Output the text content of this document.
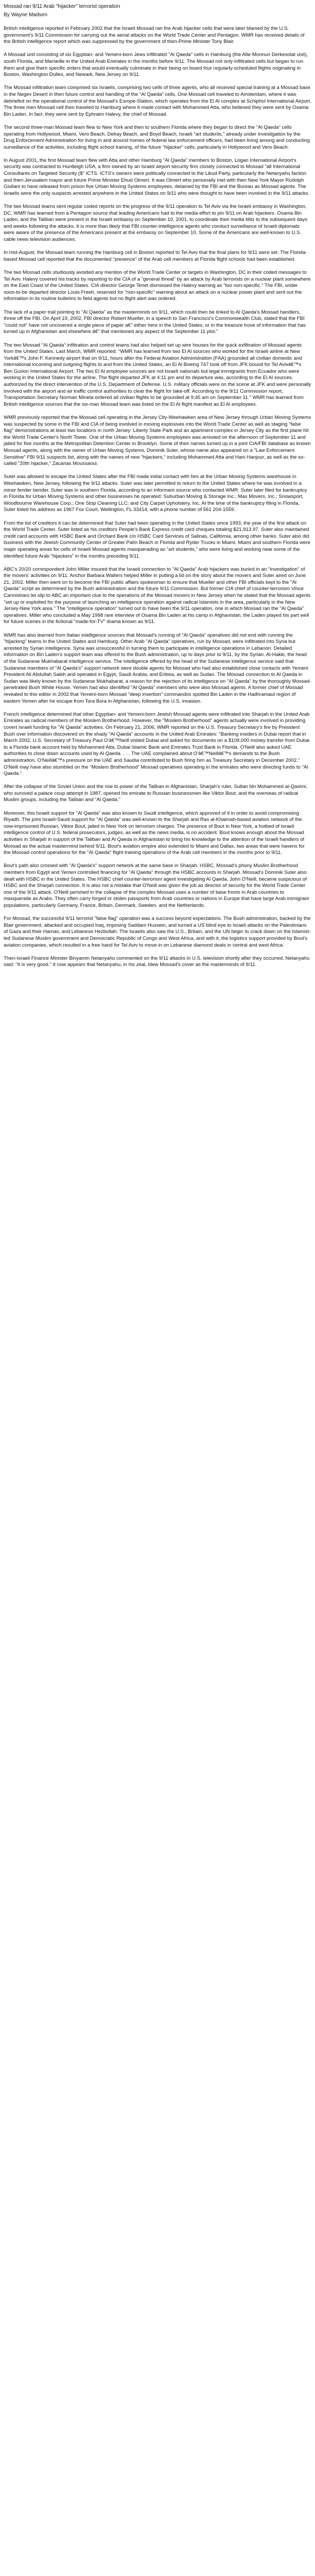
Mossad ran 9/11 Arab "hijacker" terrorist operation
By Wayne Madsen

British intelligence reported in February 2002 that the Israeli Mossad ran the Arab hijacker cells that were later blamed by the U.S. government's 9/11 Commission for carrying out the aerial attacks on the World Trade Center and Pentagon. WMR has received details of the British intelligence report which was suppressed by the government of then-Prime Minister Tony Blair.

A Mossad unit consisting of six Egyptian- and Yemeni-born Jews infiltrated "Al Qaeda" cells in Hamburg (the Alte-Monnun Derkesolat unit), south Florida, and Marseille in the United Arab Emirates in the months before 9/11. The Mossad not only infiltrated cells but began to run them and give them specific orders that would eventually culminate in their being on board four regularly-scheduled flights originating in Boston, Washington Dulles, and Newark, New Jersey on 9/11.

The Mossad infiltration team comprised six Israelis, comprising two cells of three agents, who all received special training at a Mossad base in the Negev Desert in then future control and handling of the "Al Qaeda" cells. One Mossad cell traveled to Amsterdam, where it was debriefed on the operational control of the Mossad's Europe-Station, which operates from the El Al complex at Schiphol International Airport. The three men Mossad cell then traveled to Hamburg where it made contact with Mohammed Atta, who believed they were sent by Osama Bin Laden. In fact, they were sent by Ephraim Halevy, the chief of Mossad.

The second three-man Mossad team flew to New York and then to southern Florida where they began to direct the "Al Qaeda" cells operating from Hollywood, Miami, Vero Beach, Delray Beach, and Boyd Beach, Israeli "art students," already under investigation by the Drug Enforcement Administration for living in and around homes of federal law enforcement officers, had been living among and conducting surveillance of the activities, including flight school training, of the future "hijacker" cells, particularly in Hollywood and Vero Beach.

In August 2001, the first Mossad team flew with Atta and other Hamburg "Al Qaeda" members to Boston, Logan International Airport's security was contracted to Huntleigh USA, a firm owned by an Israeli airport security firm closely connected to Mossad "all International Consultants on Targeted Security ($" ICTS. ICTS's owners were politically connected to the Likud Party, particularly the Netanyahu faction and then-Jerusalem mayor and future Prime Minister Ehud Olmert. It was Olmert who personally met with then New York Mayor Rudolph Giuliani to have released from prison five Urban Moving Systems employees, detained by the FBI and the Bureau as Mossad agents. The Israelis were the only suspects arrested anywhere in the United States on 9/11 who were thought to have been involved in the 9/11 attacks.

The two Mossad teams sent regular coded reports on the progress of the 9/11 operation to Tel Aviv via the Israeli embassy in Washington, DC. WMR has learned from a Pentagon source that leading Americans had to the media effort to pin 9/11 on Arab hijackers. Osama Bin Laden, and the Taliban were present in the Israeli embassy on September 10, 2001, to coordinate their media blitz to the subsequent days and weeks following the attacks. It is more than likely that FBI counter-intelligence agents who conduct surveillance of Israeli diplomats were aware of the presence of the Americans present at the embassy on September 10. Some of the Americans are well-known to U.S. cable news television audiences.

In mid-August, the Mossad team running the Hamburg cell in Boston reported to Tel Aviv that the final plans for 9/11 were set. The Florida-based Mossad cell reported that the documented "presence" of the Arab cell members at Florida flight schools had been established.

The two Mossad cells studiously avoided any mention of the World Trade Center or targets in Washington, DC in their coded messages to Tel Aviv. Halevy covered his tracks by reporting to the CIA of a "general threat" by an attack by Arab terrorists on a nuclear plant somewhere on the East Coast of the United States. CIA director George Tenet dismissed the Halevy warning as "too non-specific." The FBI, under soon-to-be departed director Louis Freeh, reserved for "non-specific" warning about an attack on a nuclear power plant and sent out the information in its routine bulletins to field agents but no flight alert was ordered.

The lack of a paper trail pointing to "Al Qaeda" as the masterminds on 9/11, which could then be linked to Al Qaeda's Mossad handlers, threw off the FBI. On April 19, 2002, FBI director Robert Mueller, in a speech to San Francisco's Commonwealth Club, stated that the FBI "could not" have not uncovered a single piece of paper a€" either here in the United States, or in the treasure trove of information that has turned up in Afghanistan and elsewhere â€" that mentioned any aspect of the September 11 plot."

The two Mossad "Al Qaeda" infiltration and control teams had also helped set up wire houses for the quick exfiltration of Mossad agents from the United States. Last March, WMR reported: "WMR has learned from two El Al sources who worked for the Israeli airline at New Yorkâ€™s John F. Kennedy airport that on 9/11, hours after the Federal Aviation Administration (FAA) grounded all civilian domestic and international incoming and outgoing flights to and from the United States, an El Al Boeing 747 took off from JFK bound for Tel Avivâ€™s Ben Gurion International Airport. The two El Al employee sources are not Israeli nationals but legal immigrants from Ecuador who were working in the United States for the airline. The flight departed JFK at 4:11 pm and its departure was, according to the El Al sources, authorized by the direct intervention of the U.S. Department of Defense. U.S. military officials were on the scene at JFK and were personally involved with the airport and air traffic control authorities to clear the flight for take-off. According to the 9/11 Commission report, Transportation Secretary Norman Mineta ordered all civilian flights to be grounded at 9:45 am on September 11." WMR has learned from British intelligence sources that the six-man Mossad team was listed on the El Al flight manifest as El Al employees.

WMR previously reported that the Mossad cell operating in the Jersey City-Weehawken area of New Jersey through Urban Moving Systems was suspected by some in the FBI and CIA of being involved in moving explosives into the World Trade Center as well as staging "false flag" demonstrations at least two locations in north Jersey: Liberty State Park and an apartment complex in Jersey City as the first plane hit the World Trade Center's North Tower. One of the Urban Moving Systems employees was arrested on the afternoon of September 11 and jailed for five months at the Metropolitan Detention Center in Brooklyn. Some of their names turned up in a joint CIA/FBI database as known Mossad agents, along with the owner of Urban Moving Systems, Dominik Suter, whose name also appeared on a "Law Enforcement Sensitive" FBI 9/11 suspects list, along with the names of new "hijackers," including Mohammed Atta and Hani Hanjour, as well as the so-called "20th hijacker," Zacarias Moussaoui.

Suter was allowed to escape the United States after the FBI made initial contact with him at the Urban Moving Systems warehouse in Weehawken, New Jersey, following the 9/11 attacks. Suter was later permitted to return to the United States where he was involved in a minor fender bender. Suter was in southern Florida, according to an informant source who contacted WMR. Suter later filed for bankruptcy in Florida for Urban Moving Systems and other businesses he operated: Suburban Moving & Storage Inc.; Max Movers, Inc.; Snowsport, Woodbourne Warehouse Corp.; One Stop Cleaning LLC; and City Carpet Upholstery, Inc. At the time of the bankruptcy filing in Florida, Suter listed his address as 1967 Fox Court, Wellington, FL 33414, with a phone number of 561 204-1559.

From the list of creditors it can be determined that Suter had been operating in the United States since 1993, the year of the first attack on the World Trade Center. Suter listed as his creditors People's Bank Express credit card cheques totaling $21,913.97. Suter also maintained credit card accounts with HSBC Bank and Orchard Bank c/o HSBC Card Services of Salinas, California, among other banks. Suter also did business with the Jewish Community Center of Greater Palm Beach in Florida and Ryder Trucks in Miami. Miami and southern Florida were major operating areas for cells of Israeli Mossad agents masquerading as "art students," who were living and working near some of the identified future Arab "hijackers" in the months preceding 9/11.

ABC's 20/20 correspondent John Miller insured that the Israeli connection to "Al Qaeda" Arab hijackers was buried in an "investigation" of the movers' activities on 9/11. Anchor Barbara Walters helped Miller in putting a lid on the story about the movers and Suter aired on June 21, 2002. Miller then went on to become the FBI public affairs spokesman to ensure that Mueller and other FBI officials kept to the "Al Qaeda" script as determined by the Bush administration and the future 9/11 Commission. But former CIA chief of counter-terrorism Vince Cannistraro let slip to ABC an important clue to the operations of the Mossad movers in New Jersey when he stated that the Mossad agents "set up or exploited for the purpose of launching an intelligence operation against radical Islamists in the area, particularly in the New Jersey-New York area." The "intelligence operation" turned out to have been the 9/11 operation, one in which Mossad ran the "Al Qaeda" operatives. Miller who concluded a May 1998 rare interview of Osama Bin Laden at his camp in Afghanistan, the Laden played his part well for future scenes in the fictional "made-for-TV" drama known as 9/11.

WMR has also learned from Italian intelligence sources that Mossad's running of "Al Qaeda" operatives did not end with running the "hijacking" teams in the United States and Hamburg. Other Arab "Al Qaeda" operatives, run by Mossad, were infiltrated into Syria but arrested by Syrian intelligence. Syria was unsuccessful in turning them to participate in intelligence operations in Lebanon. Detailed information on Bin Laden's support team was offered to the Bush administration, up to days prior to 9/11, by the Syrian. Al-Hakki, the head of the Sudanese Mukhabarat intelligence service. The intelligence offered by the head of the Sudanese intelligence service said that Sudanese members of "Al Qaeda's" support network were double agents for Mossad who had also established close contacts with Yemeni President Ali Abdullah Saleh and operated in Egypt, Saudi Arabia, and Eritrea, as well as Sudan. The Mossad connection to Al Qaeda in Sudan was likely known by the Sudanese Mukhabarat, a reason for the rejection of its intelligence on "Al Qaeda" by the thoroughly Mossad-penetrated Bush White House. Yemen had also identified "Al Qaeda" members who were also Mossad agents. A former chief of Mossad revealed to this editor in 2002 that Yemeni-born Mossad "deep insertion" commandos spotted Bin Laden in the Hadhramaut region of eastern Yemen after he escape from Tora Bora in Afghanistan, following the U.S. invasion.

French intelligence determined that other Egyptian- and Yemeni-born Jewish Mossad agents were infiltrated into Sharjah in the United Arab Emirates as radical members of the Moslem Brotherhood. However, the "Moslem Brotherhood" agents actually were involved in providing covert Israeli funding for "Al Qaeda" activities. On February 21, 2006, WMR reported on the U.S. Treasury Secretary's fire by President Bush over information discovered on the shady "Al Qaeda" accounts in the United Arab Emirates: "Banking insiders in Dubai report that in March 2002, U.S. Secretary of Treasury Paul O'â€™Neill visited Dubai and asked for documents on a $109,000 money transfer from Dubai to a Florida bank account held by Mohammed Atta. Dubai Islamic Bank and Emirates Trust Bank in Florida. O'Neill also asked UAE authorities to close down accounts used by Al Qaeda. . . . The UAE complained about O'â€™Neillâ€™s demands to the Bush administration. O'Neillâ€™s pressure on the UAE and Saudia contributed to Bush firing him as Treasury Secretary in December 2002." O'Neill may have also stumbled on the "Moslem Brotherhood" Mossad operatives operating in the emirates who were directing funds to "Al Qaeda."

After the collapse of the Soviet Union and the rise to power of the Taliban in Afghanistan, Sharjah's ruler, Sultan bin Mohammed al-Qasimi, who survived a palace coup attempt in 1987, opened his emirate to Russian businessmen like Viktor Bout, and the overseas of radical Muslim groups, including the Taliban and "Al Qaeda."

Moreover, this Israeli support for "Al Qaeda" was also known to Saudi intelligence, which approved of it in order to avoid compromising Riyadh. The joint Israeli-Saudi support for "Al Qaeda" was well-known to the Sharjah and Ras al-Khaimah-based aviation network of the now-imprisoned Russian, Viktor Bout, jailed in New York on terrorism charges. The presence of Bout in New York, a hotbed of Israeli intelligence control of U.S. federal prosecutors, judges, as well as the news media, is no accident. Bout knows enough about the Mossad activities in Sharjah in support of the Taliban and Al Qaeda in Afghanistan to bring his knowledge to the attention of the Israeli handlers of Mossad as the actual mastermind behind 9/11. Bout's aviation empire also extended to Miami and Dallas, two areas that were havens for the Mossad control operations for the "Al Qaeda" flight training operations of the Arab cell members in the months prior to 9/11.

Bout's path also crossed with "Al Qaeda's" support network at the same base in Sharjah. HSBC, Mossad's phony Muslim Brotherhood members from Egypt and Yemen controlled financing for "Al Qaeda" through the HSBC accounts in Sharjah. Mossad's Dominik Suter also dealt with HSBC in the United States. The HSBC chief counter-terrorism agent investigating Al Qaeda, John O'Neill, became suspicious of HSBC and the Sharjah connection. It is also not a mistake that O'Neill was given the job as director of security for the World Trade Center one of the 9/11 attack. O'Neill perished in the collapse of the complex Mossad uses a number of base fronts in Arab countries to masquerade as Arabs. They often carry forged or stolen passports from Arab countries or nations in Europe that have large Arab immigrant populations, particularly Germany, France, Britain, Denmark, Sweden, and the Netherlands.

For Mossad, the successful 9/11 terrorist "false flag" operation was a success beyond expectations. The Bush administration, backed by the Blair government, attacked and occupied Iraq, imposing Saddam Hussein, and turned a US blind eye to Israeli attacks on the Palestinians of Gaza and their Hamas, and Lebanese Hezbollah. The Israelis also saw the U.S., Britain, and the UN begin to crack down on the Islamist-led Sudanese Muslim government and Democratic Republic of Congo and West Africa, and with it, the logistics support provided by Bout's aviation companies, which resulted in a free hand for Tel Aviv to move in on Lebanese diamond deals in central and west Africa.

Then-Israeli Finance Minister Binyamin Netanyahu commented on the 9/11 attacks in U.S. television shortly after they occurred. Netanyahu said: "It is very good." It now appears that Netanyahu, in his zeal, blew Mossad's cover as the masterminds of 9/11.
